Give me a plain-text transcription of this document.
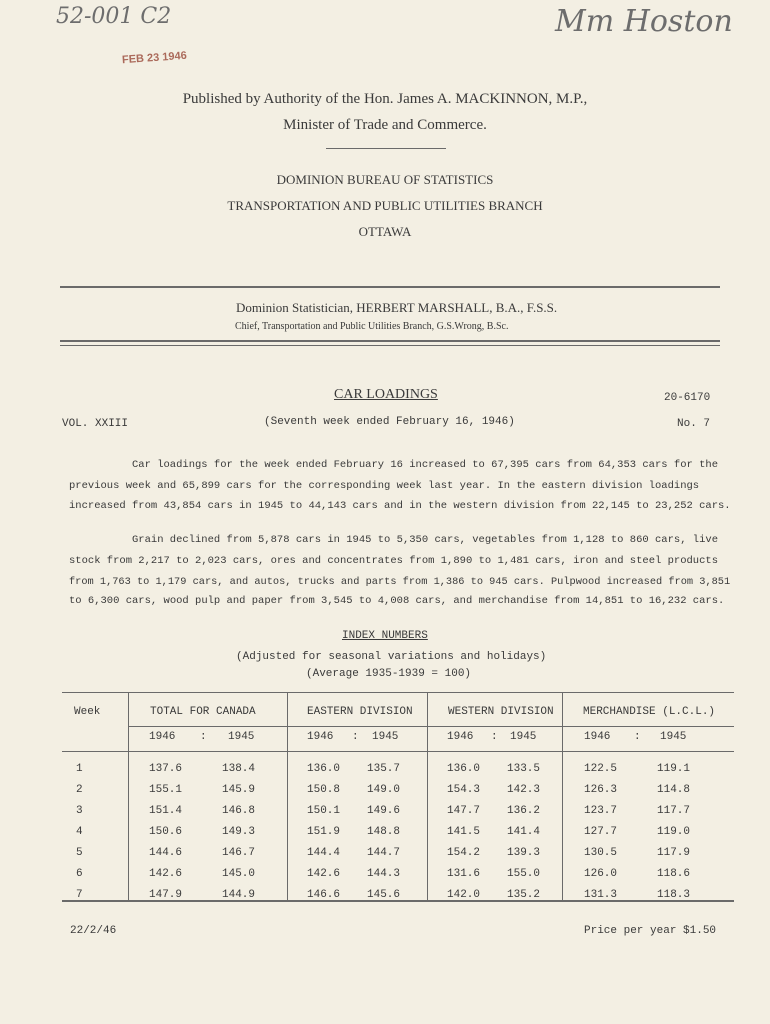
52-001 C2	Mm Hoston
FEB 23 1946
Published by Authority of the Hon. James A. MACKINNON, M.P.,
Minister of Trade and Commerce.
DOMINION BUREAU OF STATISTICS
TRANSPORTATION AND PUBLIC UTILITIES BRANCH
OTTAWA
Dominion Statistician, HERBERT MARSHALL, B.A., F.S.S.
Chief, Transportation and Public Utilities Branch, G.S.Wrong, B.Sc.
CAR LOADINGS	20-6170
VOL. XXIII	(Seventh week ended February 16, 1946)	No. 7
Car loadings for the week ended February 16 increased to 67,395 cars from 64,353 cars for the
previous week and 65,899 cars for the corresponding week last year. In the eastern division loadings
increased from 43,854 cars in 1945 to 44,143 cars and in the western division from 22,145 to 23,252 cars.
Grain declined from 5,878 cars in 1945 to 5,350 cars, vegetables from 1,128 to 860 cars, live
stock from 2,217 to 2,023 cars, ores and concentrates from 1,890 to 1,481 cars, iron and steel products
from 1,763 to 1,179 cars, and autos, trucks and parts from 1,386 to 945 cars. Pulpwood increased from 3,851
to 6,300 cars, wood pulp and paper from 3,545 to 4,008 cars, and merchandise from 14,851 to 16,232 cars.
INDEX NUMBERS
(Adjusted for seasonal variations and holidays)
(Average 1935-1939 = 100)
Week	TOTAL FOR CANADA	EASTERN DIVISION	WESTERN DIVISION	MERCHANDISE (L.C.L.)
1946 : 1945	1946 : 1945	1946 : 1945	1946 : 1945
1	137.6	138.4	136.0 135.7	136.0 133.5	122.5	119.1
2	155.1	145.9	150.8 149.0	154.3 142.3	126.3	114.8
3	151.4	146.8	150.1 149.6	147.7 136.2	123.7	117.7
4	150.6	149.3	151.9 148.8	141.5 141.4	127.7	119.0
5	144.6	146.7	144.4 144.7	154.2 139.3	130.5	117.9
6	142.6	145.0	142.6 144.3	131.6 155.0	126.0	118.6
7	147.9	144.9	146.6 145.6	142.0 135.2	131.3	118.3
22/2/46	Price per year $1.50
